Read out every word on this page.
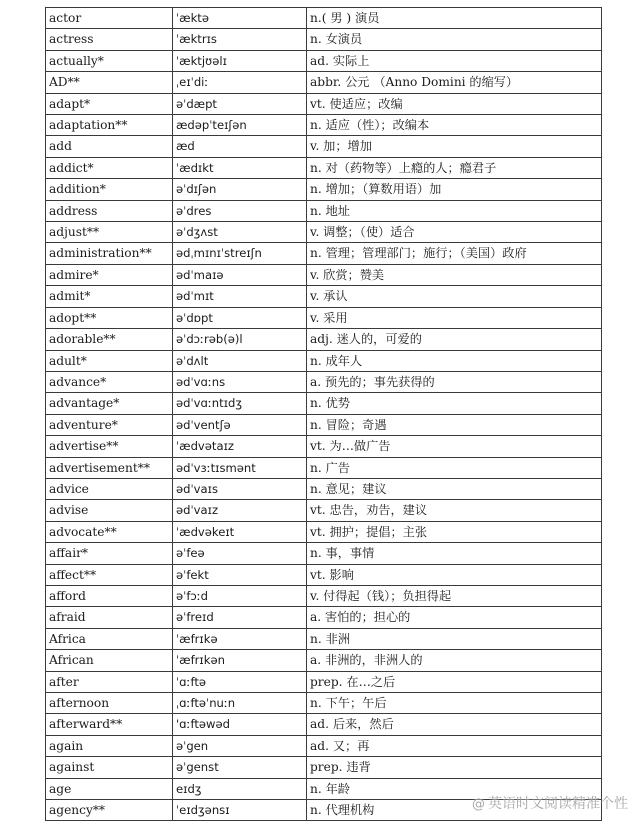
actor	ˈæktə	n.( 男 ) 演员
actress	ˈæktrɪs	n. 女演员
actually*	ˈæktjʊəlɪ	ad. 实际上
AD**	ˌeɪˈdiː	abbr. 公元 （Anno Domini 的缩写）
adapt*	əˈdæpt	vt. 使适应；改编
adaptation**	ædəpˈteɪʃən	n. 适应（性）；改编本
add	æd	v. 加；增加
addict*	ˈædɪkt	n. 对（药物等）上瘾的人；瘾君子
addition*	əˈdɪʃən	n. 增加；（算数用语）加
address	əˈdres	n. 地址
adjust**	əˈdʒʌst	v. 调整；（使）适合
administration**	ədˌmɪnɪˈstreɪʃn	n. 管理；管理部门；施行；（美国）政府
admire*	ədˈmaɪə	v. 欣赏；赞美
admit*	ədˈmɪt	v. 承认
adopt**	əˈdɒpt	v. 采用
adorable**	əˈdɔːrəb(ə)l	adj. 迷人的，可爱的
adult*	əˈdʌlt	n. 成年人
advance*	ədˈvɑːns	a. 预先的；事先获得的
advantage*	ədˈvɑːntɪdʒ	n. 优势
adventure*	ədˈventʃə	n. 冒险；奇遇
advertise**	ˈædvətaɪz	vt. 为…做广告
advertisement**	ədˈvɜːtɪsmənt	n. 广告
advice	ədˈvaɪs	n. 意见；建议
advise	ədˈvaɪz	vt. 忠告，劝告，建议
advocate**	ˈædvəkeɪt	vt. 拥护；提倡；主张
affair*	əˈfeə	n. 事，事情
affect**	əˈfekt	vt. 影响
afford	əˈfɔːd	v. 付得起（钱）；负担得起
afraid	əˈfreɪd	a. 害怕的；担心的
Africa	ˈæfrɪkə	n. 非洲
African	ˈæfrɪkən	a. 非洲的，非洲人的
after	ˈɑːftə	prep. 在…之后
afternoon	ˌɑːftəˈnuːn	n. 下午；午后
afterward**	'ɑːftəwəd	ad. 后来，然后
again	əˈgen	ad. 又；再
against	əˈgenst	prep. 违背
age	eɪdʒ	n. 年龄
agency**	ˈeɪdʒənsɪ	n. 代理机构	@ 英语时文阅读精准个性
